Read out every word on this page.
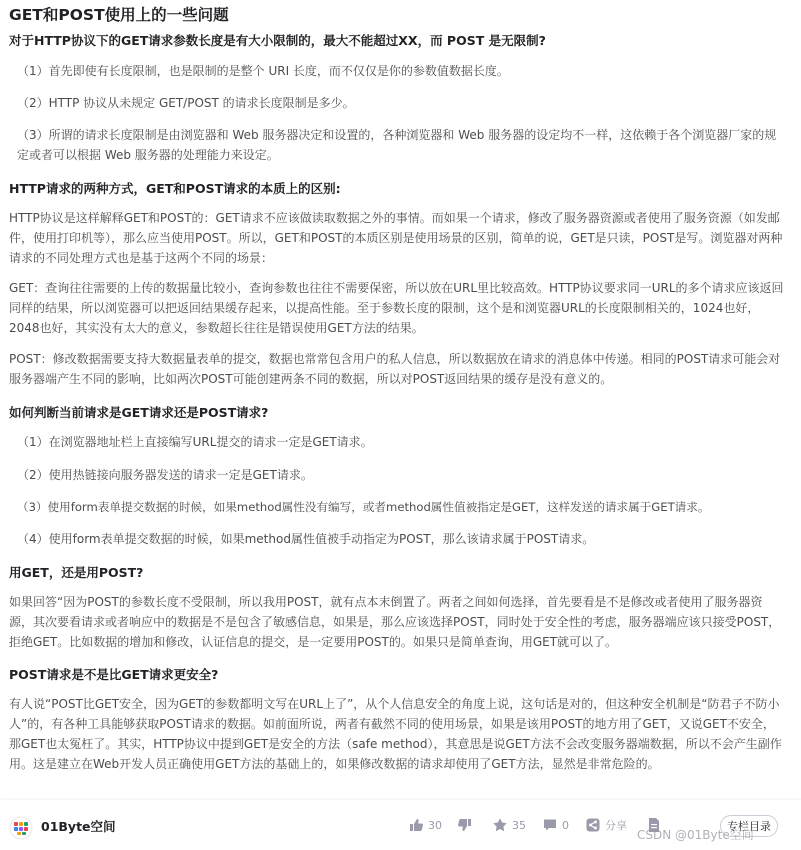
GET和POST使用上的一些问题
对于HTTP协议下的GET请求参数长度是有大小限制的，最大不能超过XX，而 POST 是无限制?
（1）首先即使有长度限制，也是限制的是整个 URI 长度，而不仅仅是你的参数值数据长度。
（2）HTTP 协议从未规定 GET/POST 的请求长度限制是多少。
（3）所谓的请求长度限制是由浏览器和 Web 服务器决定和设置的，各种浏览器和 Web 服务器的设定均不一样，这依赖于各个浏览器厂家的规定或者可以根据 Web 服务器的处理能力来设定。
HTTP请求的两种方式，GET和POST请求的本质上的区别:
HTTP协议是这样解释GET和POST的：GET请求不应该做读取数据之外的事情。而如果一个请求，修改了服务器资源或者使用了服务资源（如发邮件，使用打印机等），那么应当使用POST。所以，GET和POST的本质区别是使用场景的区别，简单的说，GET是只读，POST是写。浏览器对两种请求的不同处理方式也是基于这两个不同的场景：
GET：查询往往需要的上传的数据量比较小，查询参数也往往不需要保密，所以放在URL里比较高效。HTTP协议要求同一URL的多个请求应该返回同样的结果，所以浏览器可以把返回结果缓存起来，以提高性能。至于参数长度的限制，这个是和浏览器URL的长度限制相关的，1024也好，2048也好，其实没有太大的意义，参数超长往往是错误使用GET方法的结果。
POST：修改数据需要支持大数据量表单的提交，数据也常常包含用户的私人信息，所以数据放在请求的消息体中传递。相同的POST请求可能会对服务器端产生不同的影响，比如两次POST可能创建两条不同的数据，所以对POST返回结果的缓存是没有意义的。
如何判断当前请求是GET请求还是POST请求?
（1）在浏览器地址栏上直接编写URL提交的请求一定是GET请求。
（2）使用热链接向服务器发送的请求一定是GET请求。
（3）使用form表单提交数据的时候，如果method属性没有编写，或者method属性值被指定是GET，这样发送的请求属于GET请求。
（4）使用form表单提交数据的时候，如果method属性值被手动指定为POST，那么该请求属于POST请求。
用GET，还是用POST?
如果回答“因为POST的参数长度不受限制，所以我用POST，就有点本末倒置了。两者之间如何选择，首先要看是不是修改或者使用了服务器资源，其次要看请求或者响应中的数据是不是包含了敏感信息，如果是，那么应该选择POST，同时处于安全性的考虑，服务器端应该只接受POST，拒绝GET。比如数据的增加和修改，认证信息的提交，是一定要用POST的。如果只是简单查询，用GET就可以了。
POST请求是不是比GET请求更安全?
有人说“POST比GET安全，因为GET的参数都明文写在URL上了”，从个人信息安全的角度上说，这句话是对的，但这种安全机制是“防君子不防小人”的，有各种工具能够获取POST请求的数据。如前面所说，两者有截然不同的使用场景，如果是该用POST的地方用了GET，又说GET不安全，那GET也太冤枉了。其实，HTTP协议中提到GET是安全的方法（safe method），其意思是说GET方法不会改变服务器端数据，所以不会产生副作用。这是建立在Web开发人员正确使用GET方法的基础上的，如果修改数据的请求却使用了GET方法，显然是非常危险的。
01Byte空间	30	35	0	分享	专栏目录
CSDN @01Byte空间
